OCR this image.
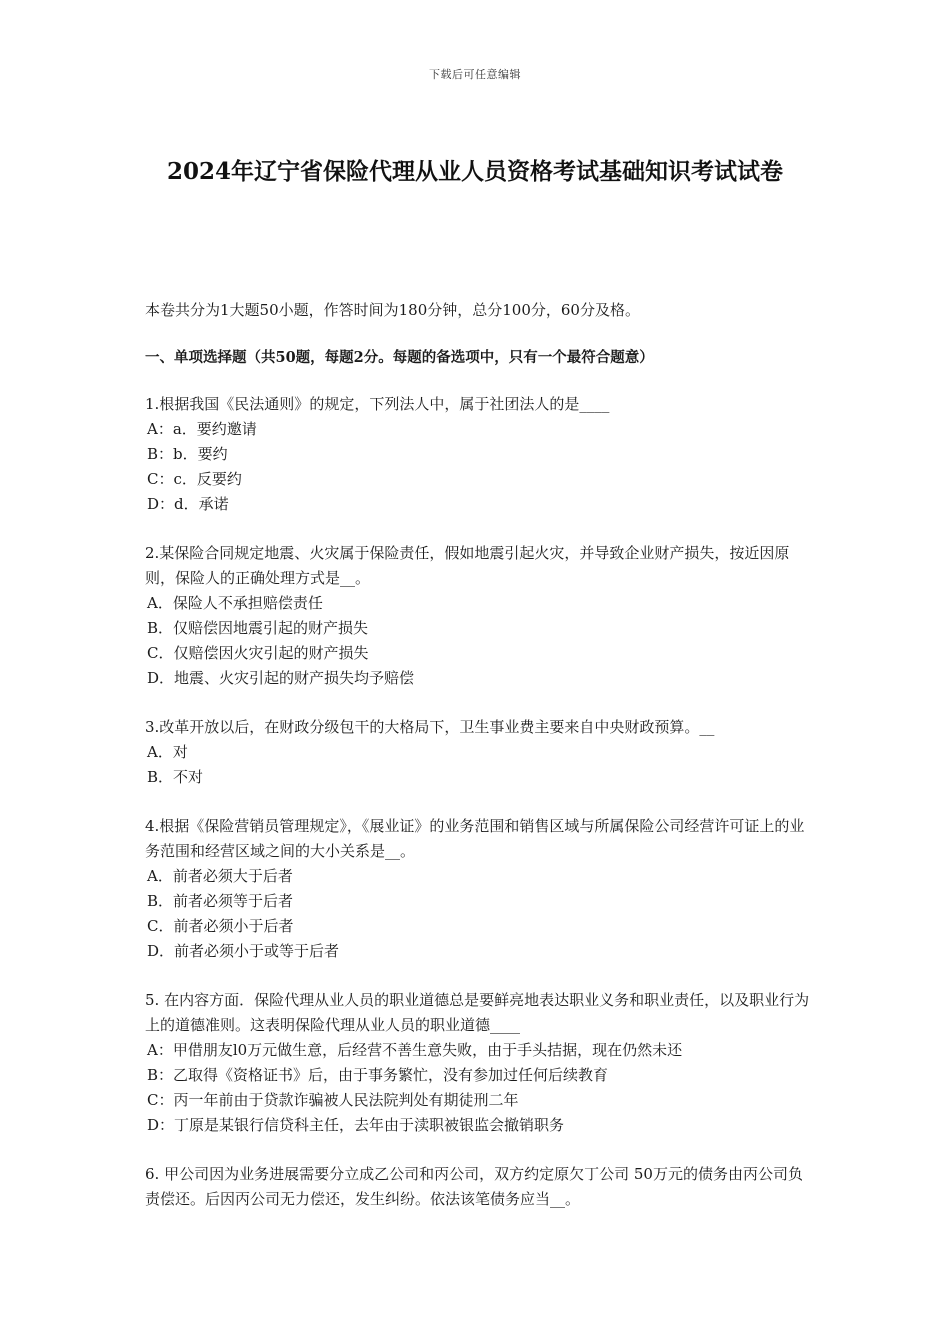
下载后可任意编辑
2024年辽宁省保险代理从业人员资格考试基础知识考试试卷

本卷共分为1大题50小题，作答时间为180分钟，总分100分，60分及格。

一、单项选择题（共50题，每题2分。每题的备选项中，只有一个最符合题意）

1.根据我国《民法通则》的规定，下列法人中，属于社团法人的是____

A：a．要约邀请

B：b．要约

C：c．反要约

D：d．承诺

2.某保险合同规定地震、火灾属于保险责任，假如地震引起火灾，并导致企业财产损失，按近因原则，保险人的正确处理方式是__。

A．保险人不承担赔偿责任

B．仅赔偿因地震引起的财产损失

C．仅赔偿因火灾引起的财产损失

D．地震、火灾引起的财产损失均予赔偿

3.改革开放以后，在财政分级包干的大格局下，卫生事业费主要来自中央财政预算。__

A．对

B．不对

4.根据《保险营销员管理规定》，《展业证》的业务范围和销售区域与所属保险公司经营许可证上的业务范围和经营区域之间的大小关系是__。

A．前者必须大于后者

B．前者必须等于后者

C．前者必须小于后者

D．前者必须小于或等于后者

5. 在内容方面．保险代理从业人员的职业道德总是要鲜亮地表达职业义务和职业责任，以及职业行为上的道德准则。这表明保险代理从业人员的职业道德____

A：甲借朋友l0万元做生意，后经营不善生意失败，由于手头拮据，现在仍然未还

B：乙取得《资格证书》后，由于事务繁忙，没有参加过任何后续教育

C：丙一年前由于贷款诈骗被人民法院判处有期徒刑二年

D：丁原是某银行信贷科主任，去年由于渎职被银监会撤销职务

6. 甲公司因为业务进展需要分立成乙公司和丙公司，双方约定原欠丁公司 50万元的债务由丙公司负责偿还。后因丙公司无力偿还，发生纠纷。依法该笔债务应当__。
